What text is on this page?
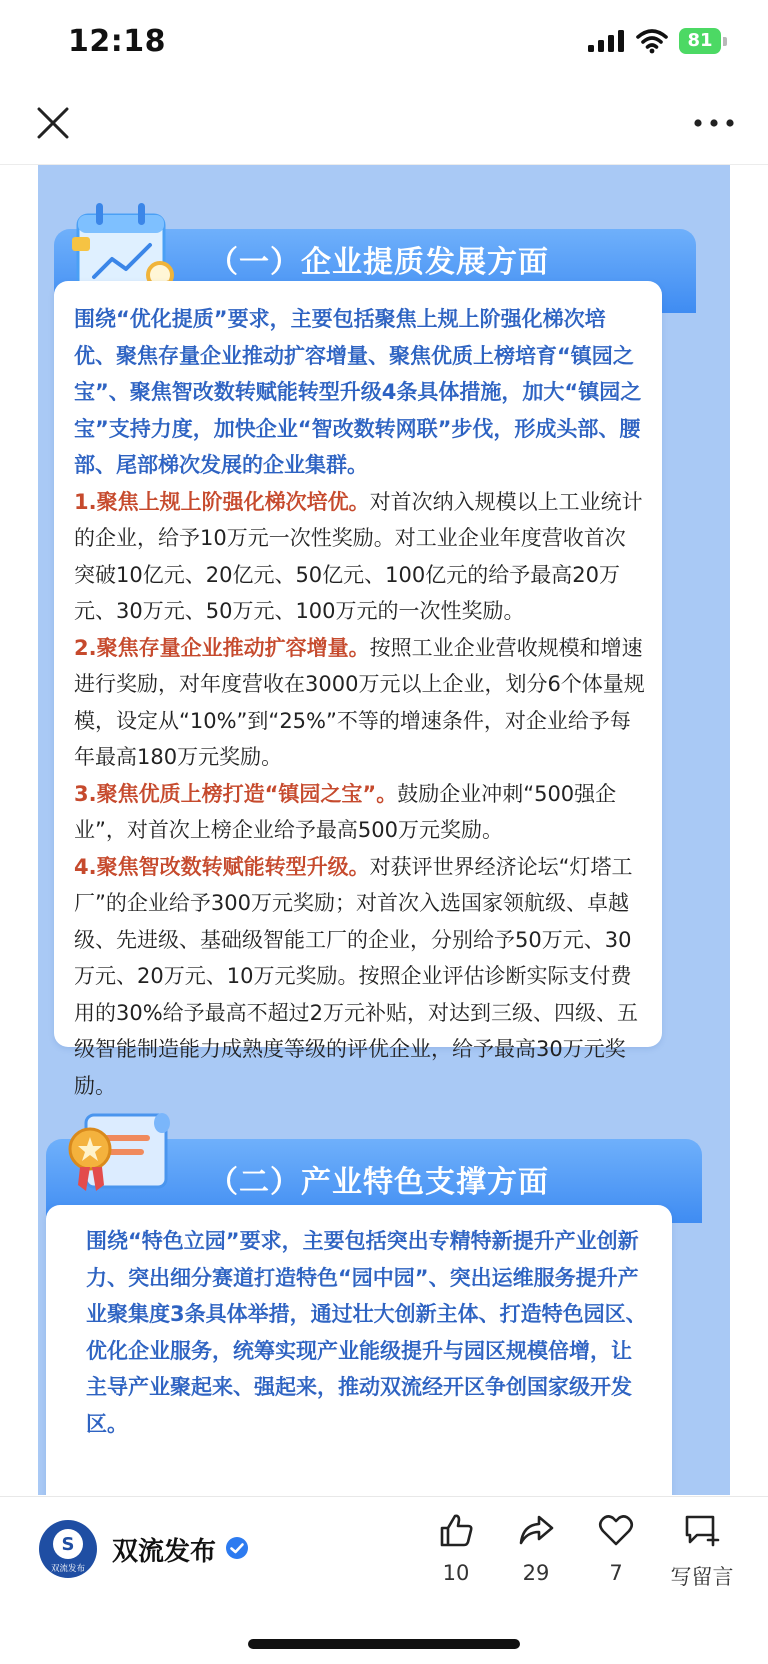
12:18	81
（一）企业提质发展方面
围绕“优化提质”要求，主要包括聚焦上规上阶强化梯次培优、聚焦存量企业推动扩容增量、聚焦优质上榜培育“镇园之宝”、聚焦智改数转赋能转型升级4条具体措施，加大“镇园之宝”支持力度，加快企业“智改数转网联”步伐，形成头部、腰部、尾部梯次发展的企业集群。
1.聚焦上规上阶强化梯次培优。对首次纳入规模以上工业统计的企业，给予10万元一次性奖励。对工业企业年度营收首次突破10亿元、20亿元、50亿元、100亿元的给予最高20万元、30万元、50万元、100万元的一次性奖励。
2.聚焦存量企业推动扩容增量。按照工业企业营收规模和增速进行奖励，对年度营收在3000万元以上企业，划分6个体量规模，设定从“10%”到“25%”不等的增速条件，对企业给予每年最高180万元奖励。
3.聚焦优质上榜打造“镇园之宝”。鼓励企业冲刺“500强企业”，对首次上榜企业给予最高500万元奖励。
4.聚焦智改数转赋能转型升级。对获评世界经济论坛“灯塔工厂”的企业给予300万元奖励；对首次入选国家领航级、卓越级、先进级、基础级智能工厂的企业，分别给予50万元、30万元、20万元、10万元奖励。按照企业评估诊断实际支付费用的30%给予最高不超过2万元补贴，对达到三级、四级、五级智能制造能力成熟度等级的评优企业，给予最高30万元奖励。
（二）产业特色支撑方面
围绕“特色立园”要求，主要包括突出专精特新提升产业创新力、突出细分赛道打造特色“园中园”、突出运维服务提升产业聚集度3条具体举措，通过壮大创新主体、打造特色园区、优化企业服务，统筹实现产业能级提升与园区规模倍增，让主导产业聚起来、强起来，推动双流经开区争创国家级开发区。
S
双流发布
双流发布
10	29	7	写留言
